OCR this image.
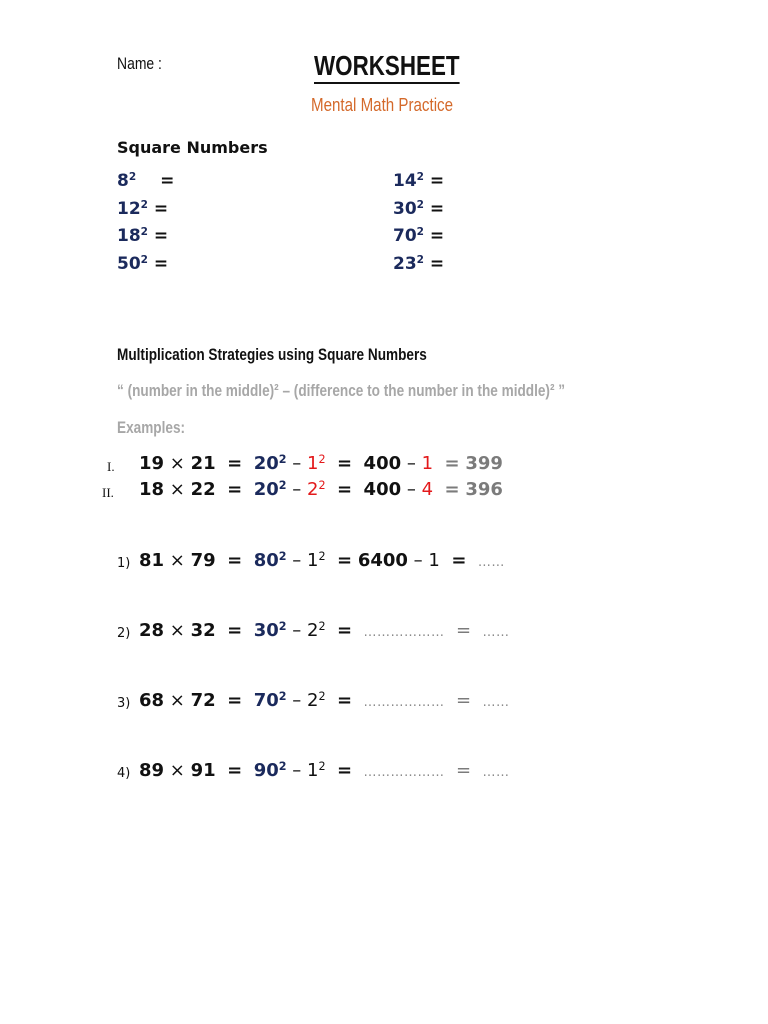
Name :	WORKSHEET
Mental Math Practice
Square Numbers
$8^2$ =
$12^2$ =
$18^2$ =
$50^2$ =
$14^2$ =
$30^2$ =
$70^2$ =
$23^2$ =
Multiplication Strategies using Square Numbers
“ (number in the middle)² – (difference to the number in the middle)² ”
Examples:
I. $19 \times 21 = 20^2 - 1^2 = 400 - 1 = 399$
II. $18 \times 22 = 20^2 - 2^2 = 400 - 4 = 396$
1) $81 \times 79 = 80^2 - 1^2 = 6400 - 1$ = ……
2) $28 \times 32 = 30^2 - 2^2$ = ……………… = ……
3) $68 \times 72 = 70^2 - 2^2$ = ……………… = ……
4) $89 \times 91 = 90^2 - 1^2$ = ……………… = ……
